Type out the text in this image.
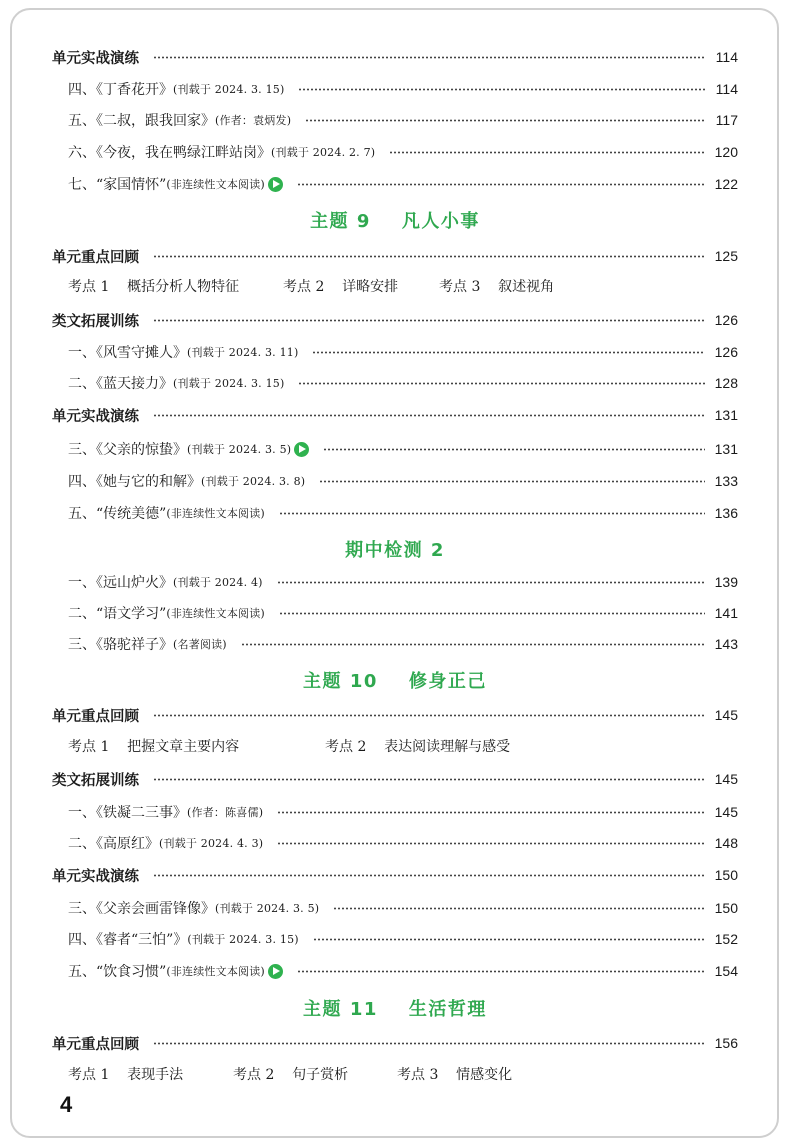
单元实战演练	114
四、《丁香花开》 (刊载于 2024. 3. 15)	114
五、《二叔，跟我回家》 (作者：袁炳发)	117
六、《今夜，我在鸭绿江畔站岗》 (刊载于 2024. 2. 7)	120
七、“家国情怀” (非连续性文本阅读)	122
主题 9    凡人小事
单元重点回顾	125
考点 1    概括分析人物特征	考点 2    详略安排	考点 3    叙述视角
类文拓展训练	126
一、《风雪守摊人》 (刊载于 2024. 3. 11)	126
二、《蓝天接力》 (刊载于 2024. 3. 15)	128
单元实战演练	131
三、《父亲的惊蛰》 (刊载于 2024. 3. 5)	131
四、《她与它的和解》 (刊载于 2024. 3. 8)	133
五、“传统美德” (非连续性文本阅读)	136
期中检测 2
一、《远山炉火》 (刊载于 2024. 4)	139
二、“语文学习” (非连续性文本阅读)	141
三、《骆驼祥子》 (名著阅读)	143
主题 10    修身正己
单元重点回顾	145
考点 1    把握文章主要内容	考点 2    表达阅读理解与感受
类文拓展训练	145
一、《铁凝二三事》 (作者：陈喜儒)	145
二、《高原红》 (刊载于 2024. 4. 3)	148
单元实战演练	150
三、《父亲会画雷锋像》 (刊载于 2024. 3. 5)	150
四、《睿者“三怕”》 (刊载于 2024. 3. 15)	152
五、“饮食习惯” (非连续性文本阅读)	154
主题 11    生活哲理
单元重点回顾	156
考点 1    表现手法	考点 2    句子赏析	考点 3    情感变化
4
